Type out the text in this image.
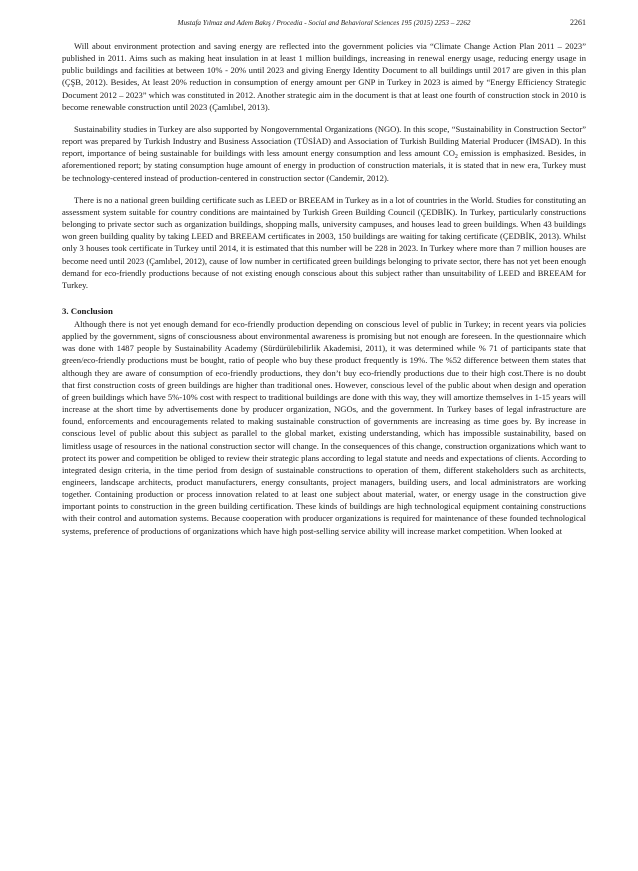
Mustafa Yılmaz and Adem Bakış / Procedia - Social and Behavioral Sciences 195 (2015) 2253 – 2262	2261

Will about environment protection and saving energy are reflected into the government policies via “Climate Change Action Plan 2011 – 2023” published in 2011. Aims such as making heat insulation in at least 1 million buildings, increasing in renewal energy usage, reducing energy usage in public buildings and facilities at between 10% - 20% until 2023 and giving Energy Identity Document to all buildings until 2017 are given in this plan (ÇŞB, 2012). Besides, At least 20% reduction in consumption of energy amount per GNP in Turkey in 2023 is aimed by “Energy Efficiency Strategic Document 2012 – 2023” which was constituted in 2012. Another strategic aim in the document is that at least one fourth of construction stock in 2010 is become renewable construction until 2023 (Çamlıbel, 2013).

Sustainability studies in Turkey are also supported by Nongovernmental Organizations (NGO). In this scope, “Sustainability in Construction Sector” report was prepared by Turkish Industry and Business Association (TÜSİAD) and Association of Turkish Building Material Producer (İMSAD). In this report, importance of being sustainable for buildings with less amount energy consumption and less amount $CO_2$ emission is emphasized. Besides, in aforementioned report; by stating consumption huge amount of energy in production of construction materials, it is stated that in new era, Turkey must be technology-centered instead of production-centered in construction sector (Candemir, 2012).

There is no a national green building certificate such as LEED or BREEAM in Turkey as in a lot of countries in the World. Studies for constituting an assessment system suitable for country conditions are maintained by Turkish Green Building Council (ÇEDBİK). In Turkey, particularly constructions belonging to private sector such as organization buildings, shopping malls, university campuses, and houses lead to green buildings. When 43 buildings won green building quality by taking LEED and BREEAM certificates in 2003, 150 buildings are waiting for taking certificate (ÇEDBİK, 2013). Whilst only 3 houses took certificate in Turkey until 2014, it is estimated that this number will be 228 in 2023. In Turkey where more than 7 million houses are become need until 2023 (Çamlıbel, 2012), cause of low number in certificated green buildings belonging to private sector, there has not yet been enough demand for eco-friendly productions because of not existing enough conscious about this subject rather than unsuitability of LEED and BREEAM for Turkey.

3. Conclusion

Although there is not yet enough demand for eco-friendly production depending on conscious level of public in Turkey; in recent years via policies applied by the government, signs of consciousness about environmental awareness is promising but not enough are foreseen. In the questionnaire which was done with 1487 people by Sustainability Academy (Sürdürülebilirlik Akademisi, 2011), it was determined while % 71 of participants state that green/eco-friendly productions must be bought, ratio of people who buy these product frequently is 19%. The %52 difference between them states that although they are aware of consumption of eco-friendly productions, they don’t buy eco-friendly productions due to their high cost.There is no doubt that first construction costs of green buildings are higher than traditional ones. However, conscious level of the public about when design and operation of green buildings which have 5%-10% cost with respect to traditional buildings are done with this way, they will amortize themselves in 1-15 years will increase at the short time by advertisements done by producer organization, NGOs, and the government. In Turkey bases of legal infrastructure are found, enforcements and encouragements related to making sustainable construction of governments are increasing as time goes by. By increase in conscious level of public about this subject as parallel to the global market, existing understanding, which has impossible sustainability, based on limitless usage of resources in the national construction sector will change. In the consequences of this change, construction organizations which want to protect its power and competition be obliged to review their strategic plans according to legal statute and needs and expectations of clients. According to integrated design criteria, in the time period from design of sustainable constructions to operation of them, different stakeholders such as architects, engineers, landscape architects, product manufacturers, energy consultants, project managers, building users, and local administrators are working together. Containing production or process innovation related to at least one subject about material, water, or energy usage in the construction give important points to construction in the green building certification. These kinds of buildings are high technological equipment containing constructions with their control and automation systems. Because cooperation with producer organizations is required for maintenance of these founded technological systems, preference of productions of organizations which have high post-selling service ability will increase market competition. When looked at
